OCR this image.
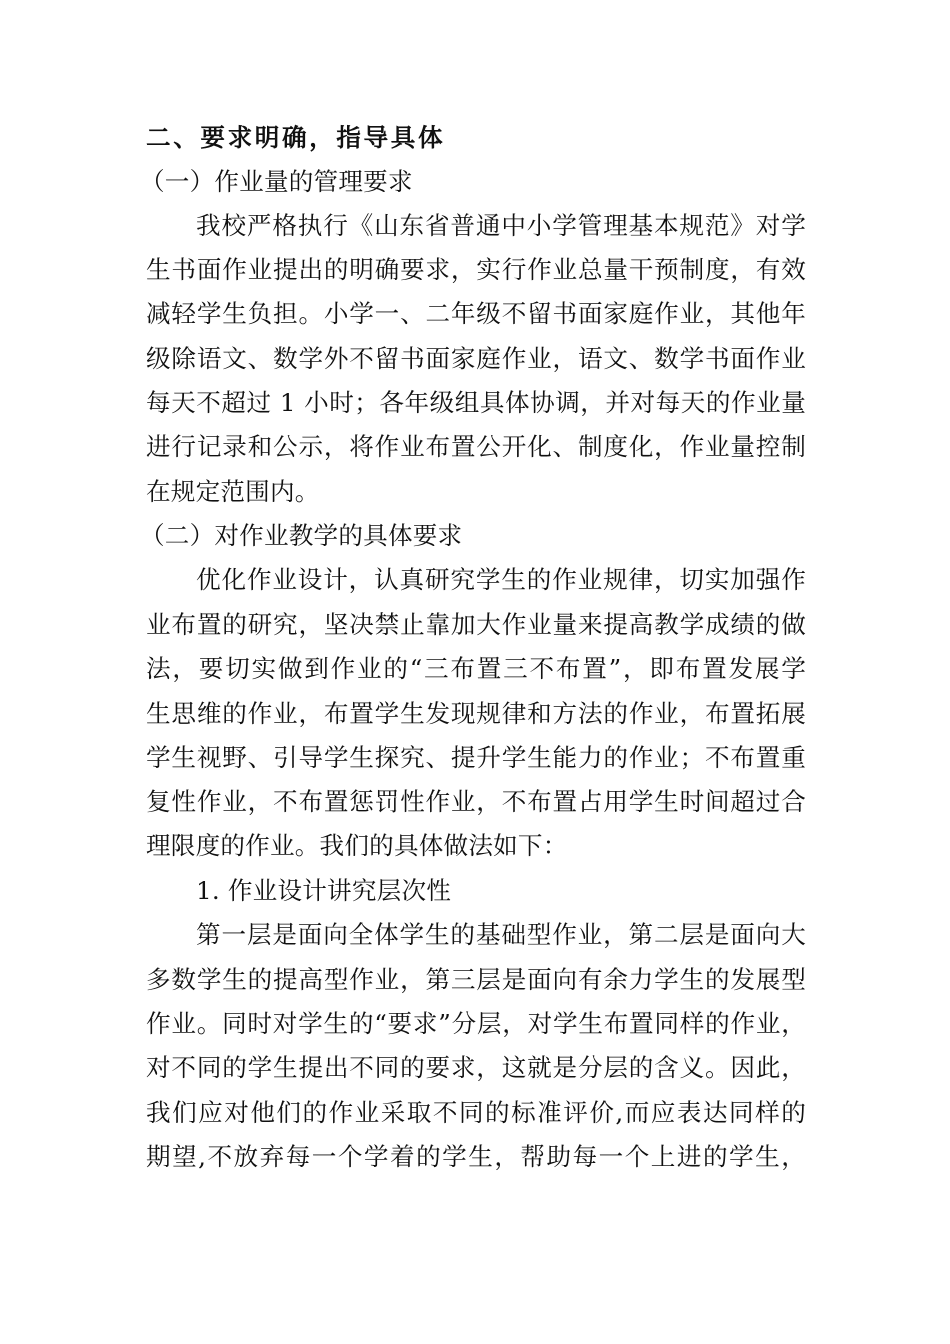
二、要求明确，指导具体
（一）作业量的管理要求
我校严格执行《山东省普通中小学管理基本规范》对学
生书面作业提出的明确要求，实行作业总量干预制度，有效
减轻学生负担。小学一、二年级不留书面家庭作业，其他年
级除语文、数学外不留书面家庭作业，语文、数学书面作业
每天不超过 1 小时；各年级组具体协调，并对每天的作业量
进行记录和公示，将作业布置公开化、制度化，作业量控制
在规定范围内。
（二）对作业教学的具体要求
优化作业设计，认真研究学生的作业规律，切实加强作
业布置的研究，坚决禁止靠加大作业量来提高教学成绩的做
法，要切实做到作业的“三布置三不布置”，即布置发展学
生思维的作业，布置学生发现规律和方法的作业，布置拓展
学生视野、引导学生探究、提升学生能力的作业；不布置重
复性作业，不布置惩罚性作业，不布置占用学生时间超过合
理限度的作业。我们的具体做法如下：
1. 作业设计讲究层次性
第一层是面向全体学生的基础型作业，第二层是面向大
多数学生的提高型作业，第三层是面向有余力学生的发展型
作业。同时对学生的“要求”分层，对学生布置同样的作业，
对不同的学生提出不同的要求，这就是分层的含义。因此，
我们应对他们的作业采取不同的标准评价,而应表达同样的
期望,不放弃每一个学着的学生，帮助每一个上进的学生，
